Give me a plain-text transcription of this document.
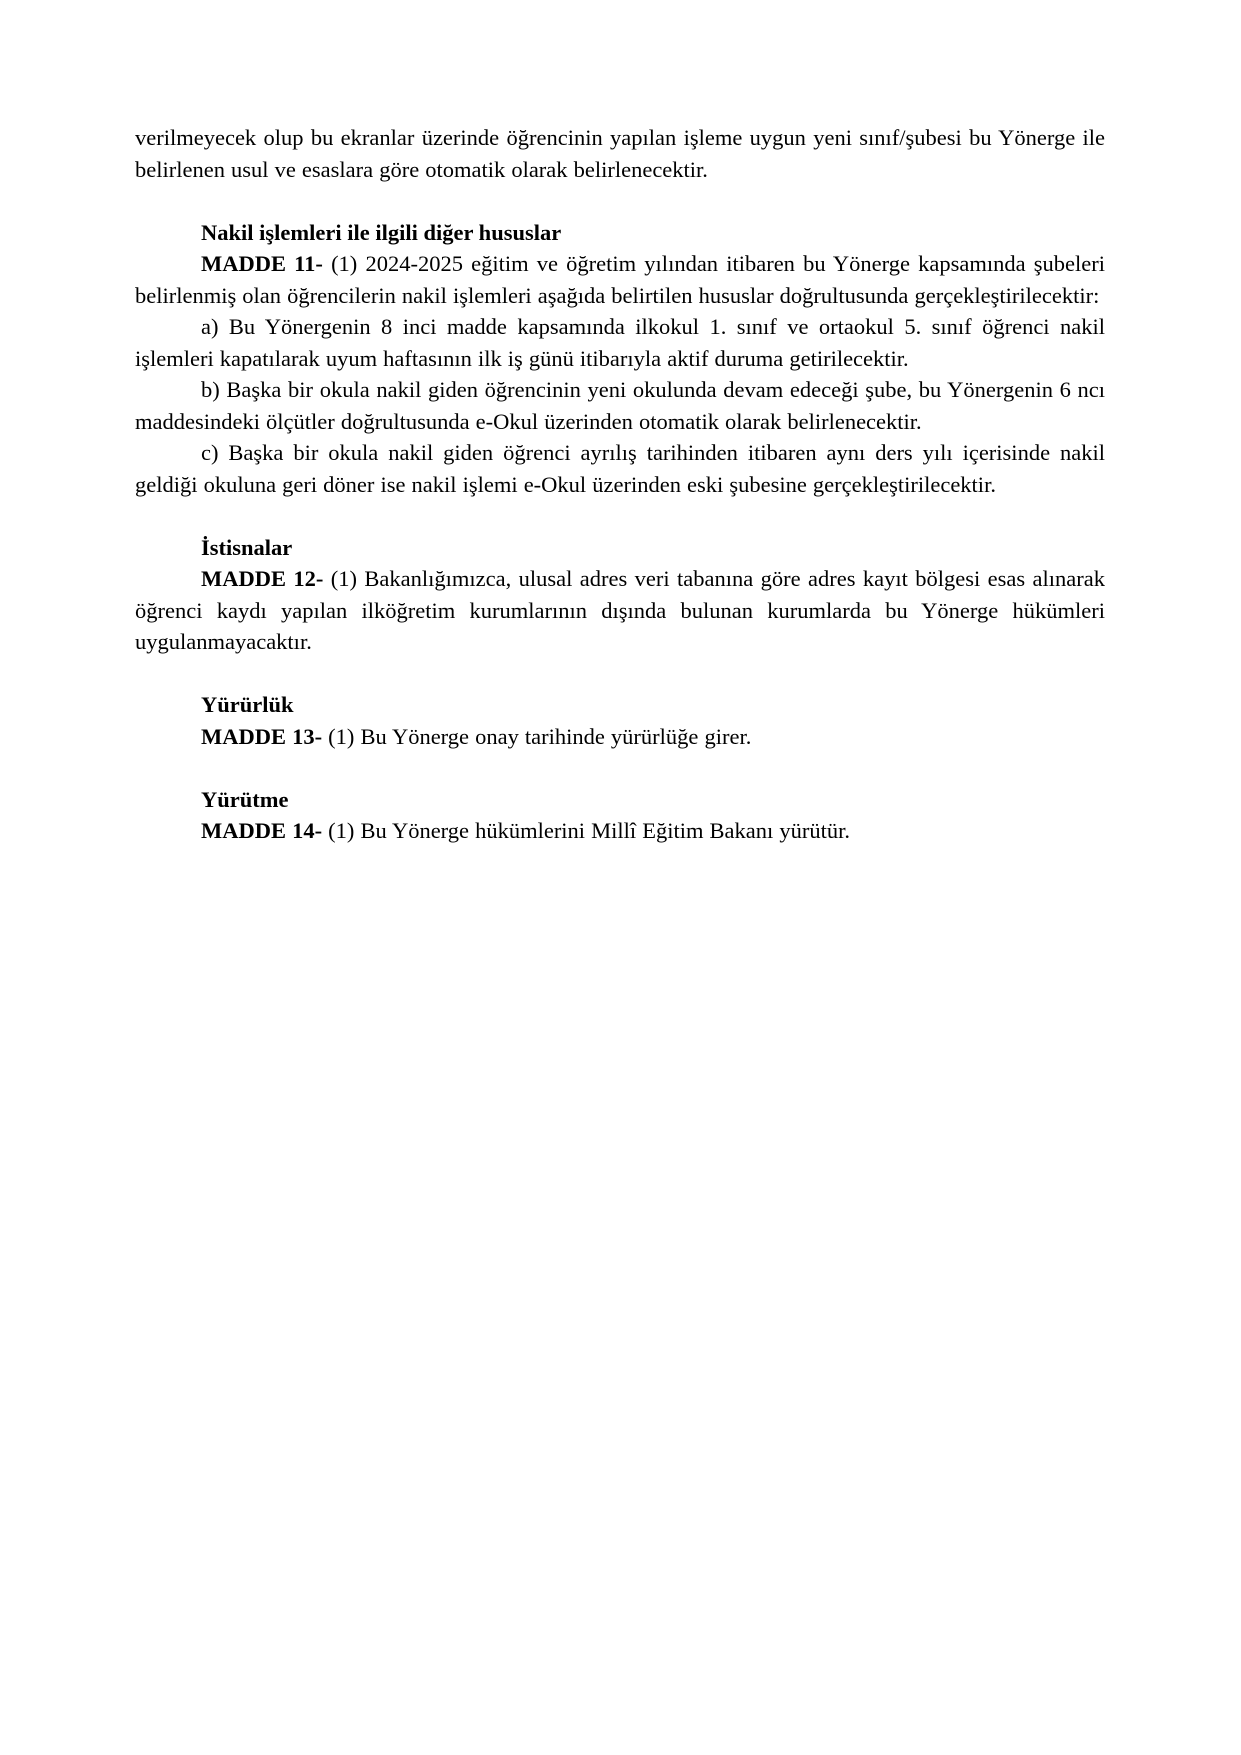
verilmeyecek olup bu ekranlar üzerinde öğrencinin yapılan işleme uygun yeni sınıf/şubesi bu Yönerge ile belirlenen usul ve esaslara göre otomatik olarak belirlenecektir.

Nakil işlemleri ile ilgili diğer hususlar

MADDE 11- (1) 2024-2025 eğitim ve öğretim yılından itibaren bu Yönerge kapsamında şubeleri belirlenmiş olan öğrencilerin nakil işlemleri aşağıda belirtilen hususlar doğrultusunda gerçekleştirilecektir:

a) Bu Yönergenin 8 inci madde kapsamında ilkokul 1. sınıf ve ortaokul 5. sınıf öğrenci nakil işlemleri kapatılarak uyum haftasının ilk iş günü itibarıyla aktif duruma getirilecektir.

b) Başka bir okula nakil giden öğrencinin yeni okulunda devam edeceği şube, bu Yönergenin 6 ncı maddesindeki ölçütler doğrultusunda e-Okul üzerinden otomatik olarak belirlenecektir.

c) Başka bir okula nakil giden öğrenci ayrılış tarihinden itibaren aynı ders yılı içerisinde nakil geldiği okuluna geri döner ise nakil işlemi e-Okul üzerinden eski şubesine gerçekleştirilecektir.

İstisnalar

MADDE 12- (1) Bakanlığımızca, ulusal adres veri tabanına göre adres kayıt bölgesi esas alınarak öğrenci kaydı yapılan ilköğretim kurumlarının dışında bulunan kurumlarda bu Yönerge hükümleri uygulanmayacaktır.

Yürürlük

MADDE 13- (1) Bu Yönerge onay tarihinde yürürlüğe girer.

Yürütme

MADDE 14- (1) Bu Yönerge hükümlerini Millî Eğitim Bakanı yürütür.
